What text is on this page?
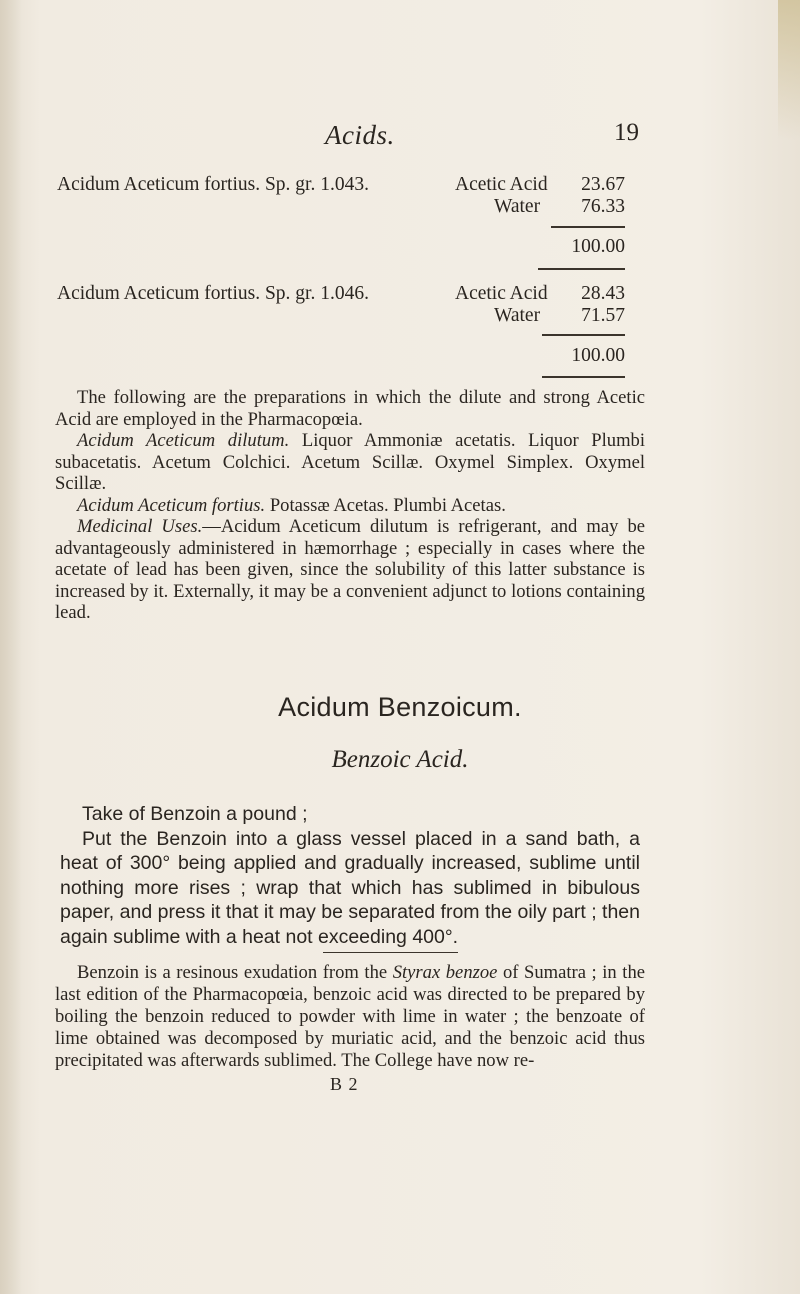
Acids.	19
Acidum Aceticum fortius. Sp. gr. 1.043.	Acetic Acid	23.67
Water	76.33
100.00
Acidum Aceticum fortius. Sp. gr. 1.046.	Acetic Acid	28.43
Water	71.57
100.00

The following are the preparations in which the dilute and strong Acetic Acid are employed in the Pharmacopœia.

Acidum Aceticum dilutum. Liquor Ammoniæ acetatis. Liquor Plumbi subacetatis. Acetum Colchici. Acetum Scillæ. Oxymel Simplex. Oxymel Scillæ.

Acidum Aceticum fortius. Potassæ Acetas. Plumbi Acetas.

Medicinal Uses.—Acidum Aceticum dilutum is refrigerant, and may be advantageously administered in hæmorrhage ; especially in cases where the acetate of lead has been given, since the solubility of this latter substance is increased by it. Externally, it may be a convenient adjunct to lotions containing lead.

Acidum Benzoicum.
Benzoic Acid.

Take of Benzoin a pound ;

Put the Benzoin into a glass vessel placed in a sand bath, a heat of 300° being applied and gradually increased, sublime until nothing more rises ; wrap that which has sublimed in bibulous paper, and press it that it may be separated from the oily part ; then again sublime with a heat not exceeding 400°.

Benzoin is a resinous exudation from the Styrax benzoe of Sumatra ; in the last edition of the Pharmacopœia, benzoic acid was directed to be prepared by boiling the benzoin reduced to powder with lime in water ; the benzoate of lime obtained was decomposed by muriatic acid, and the benzoic acid thus precipitated was afterwards sublimed. The College have now re-

B 2
